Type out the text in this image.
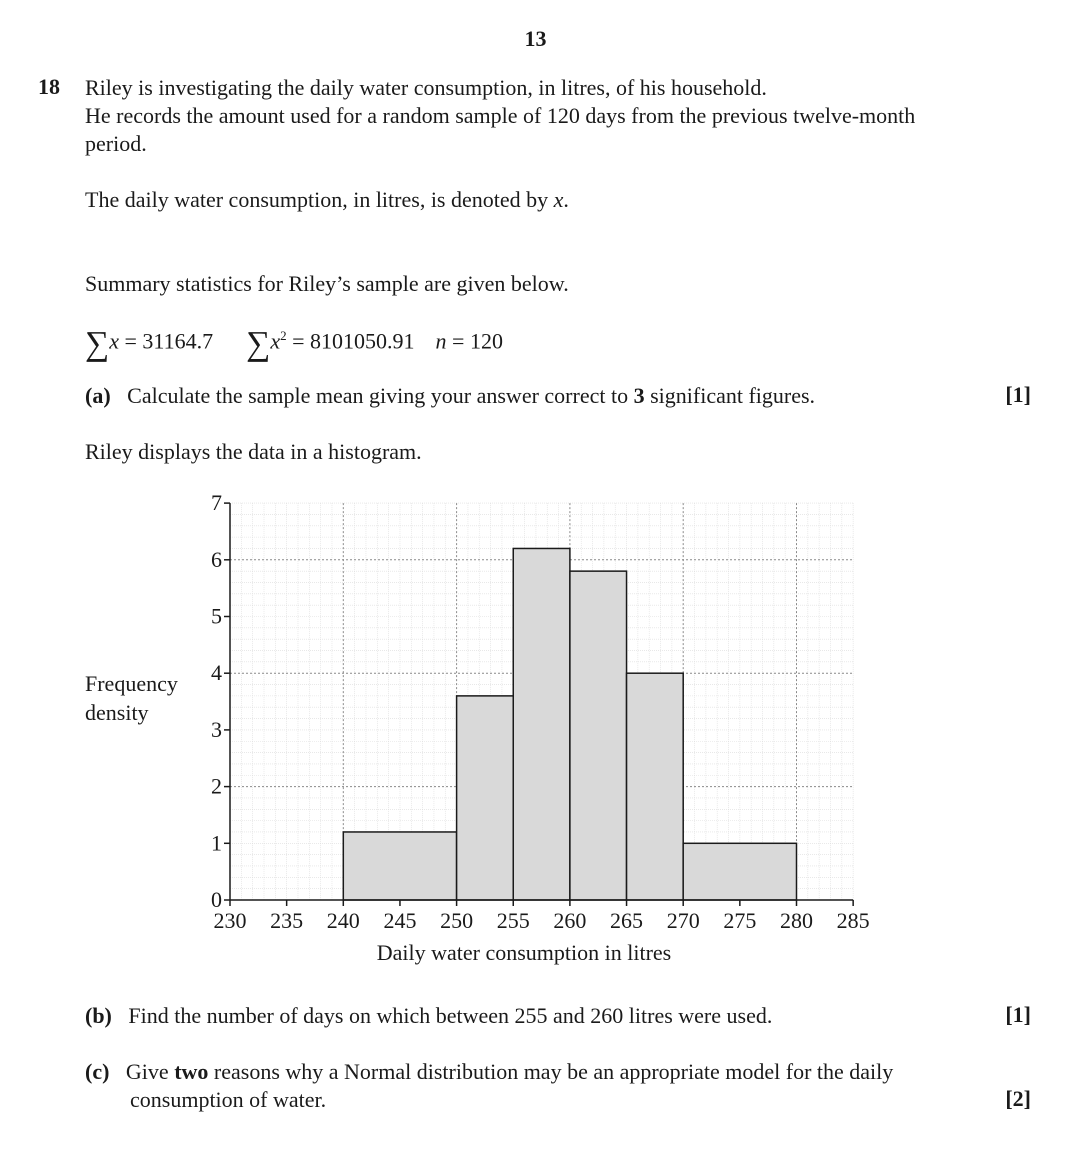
13
18 Riley is investigating the daily water consumption, in litres, of his household.
He records the amount used for a random sample of 120 days from the previous twelve-month
period.
The daily water consumption, in litres, is denoted by x.
Summary statistics for Riley’s sample are given below.
∑x = 31164.7 $\sum x^2 = 8101050.91$ n = 120
(a) Calculate the sample mean giving your answer correct to 3 significant figures.	[1]
Riley displays the data in a histogram.
Frequency
density
230 235 240 245 250 255 260 265 270 275 280 285
0
1
2
3
4
5
6
7
Daily water consumption in litres
(b) Find the number of days on which between 255 and 260 litres were used.	[1]
(c) Give two reasons why a Normal distribution may be an appropriate model for the daily
consumption of water.	[2]
